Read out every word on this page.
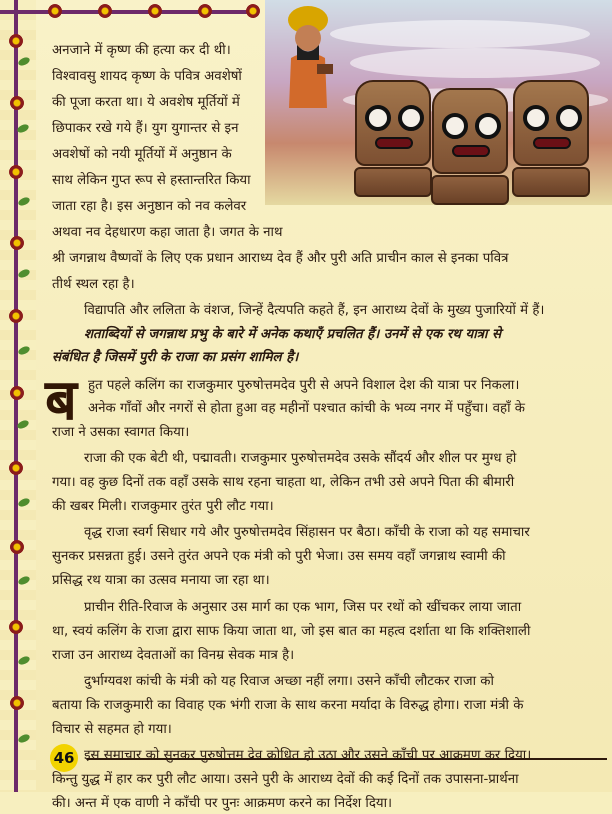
अनजाने में कृष्ण की हत्या कर दी थी।
विश्वावसु शायद कृष्ण के पवित्र अवशेषों
की पूजा करता था। ये अवशेष मूर्तियों में
छिपाकर रखे गये हैं। युग युगान्तर से इन
अवशेषों को नयी मूर्तियों में अनुष्ठान के
साथ लेकिन गुप्त रूप से हस्तान्तरित किया
जाता रहा है। इस अनुष्ठान को नव कलेवर
अथवा नव देहधारण कहा जाता है। जगत के नाथ
श्री जगन्नाथ वैष्णवों के लिए एक प्रधान आराध्य देव हैं और पुरी अति प्राचीन काल से इनका पवित्र
तीर्थ स्थल रहा है।
विद्यापति और ललिता के वंशज, जिन्हें दैत्यपति कहते हैं, इन आराध्य देवों के मुख्य पुजारियों में हैं।
शताब्दियों से जगन्नाथ प्रभु के बारे में अनेक कथाएँ प्रचलित हैं। उनमें से एक रथ यात्रा से
संबंधित है जिसमें पुरी के राजा का प्रसंग शामिल है।
ब हुत पहले कलिंग का राजकुमार पुरुषोत्तमदेव पुरी से अपने विशाल देश की यात्रा पर निकला।
अनेक गाँवों और नगरों से होता हुआ वह महीनों पश्चात कांची के भव्य नगर में पहुँचा। वहाँ के
राजा ने उसका स्वागत किया।
राजा की एक बेटी थी, पद्मावती। राजकुमार पुरुषोत्तमदेव उसके सौंदर्य और शील पर मुग्ध हो
गया। वह कुछ दिनों तक वहाँ उसके साथ रहना चाहता था, लेकिन तभी उसे अपने पिता की बीमारी
की खबर मिली। राजकुमार तुरंत पुरी लौट गया।
वृद्ध राजा स्वर्ग सिधार गये और पुरुषोत्तमदेव सिंहासन पर बैठा। काँची के राजा को यह समाचार
सुनकर प्रसन्नता हुई। उसने तुरंत अपने एक मंत्री को पुरी भेजा। उस समय वहाँ जगन्नाथ स्वामी की
प्रसिद्ध रथ यात्रा का उत्सव मनाया जा रहा था।
प्राचीन रीति-रिवाज के अनुसार उस मार्ग का एक भाग, जिस पर रथों को खींचकर लाया जाता
था, स्वयं कलिंग के राजा द्वारा साफ किया जाता था, जो इस बात का महत्व दर्शाता था कि शक्तिशाली
राजा उन आराध्य देवताओं का विनम्र सेवक मात्र है।
दुर्भाग्यवश कांची के मंत्री को यह रिवाज अच्छा नहीं लगा। उसने काँची लौटकर राजा को
बताया कि राजकुमारी का विवाह एक भंगी राजा के साथ करना मर्यादा के विरुद्ध होगा। राजा मंत्री के
विचार से सहमत हो गया।
इस समाचार को सुनकर पुरुषोत्तम देव क्रोधित हो उठा और उसने काँची पर आक्रमण कर दिया।
किन्तु युद्ध में हार कर पुरी लौट आया। उसने पुरी के आराध्य देवों की कई दिनों तक उपासना-प्रार्थना
की। अन्त में एक वाणी ने काँची पर पुनः आक्रमण करने का निर्देश दिया।
46
